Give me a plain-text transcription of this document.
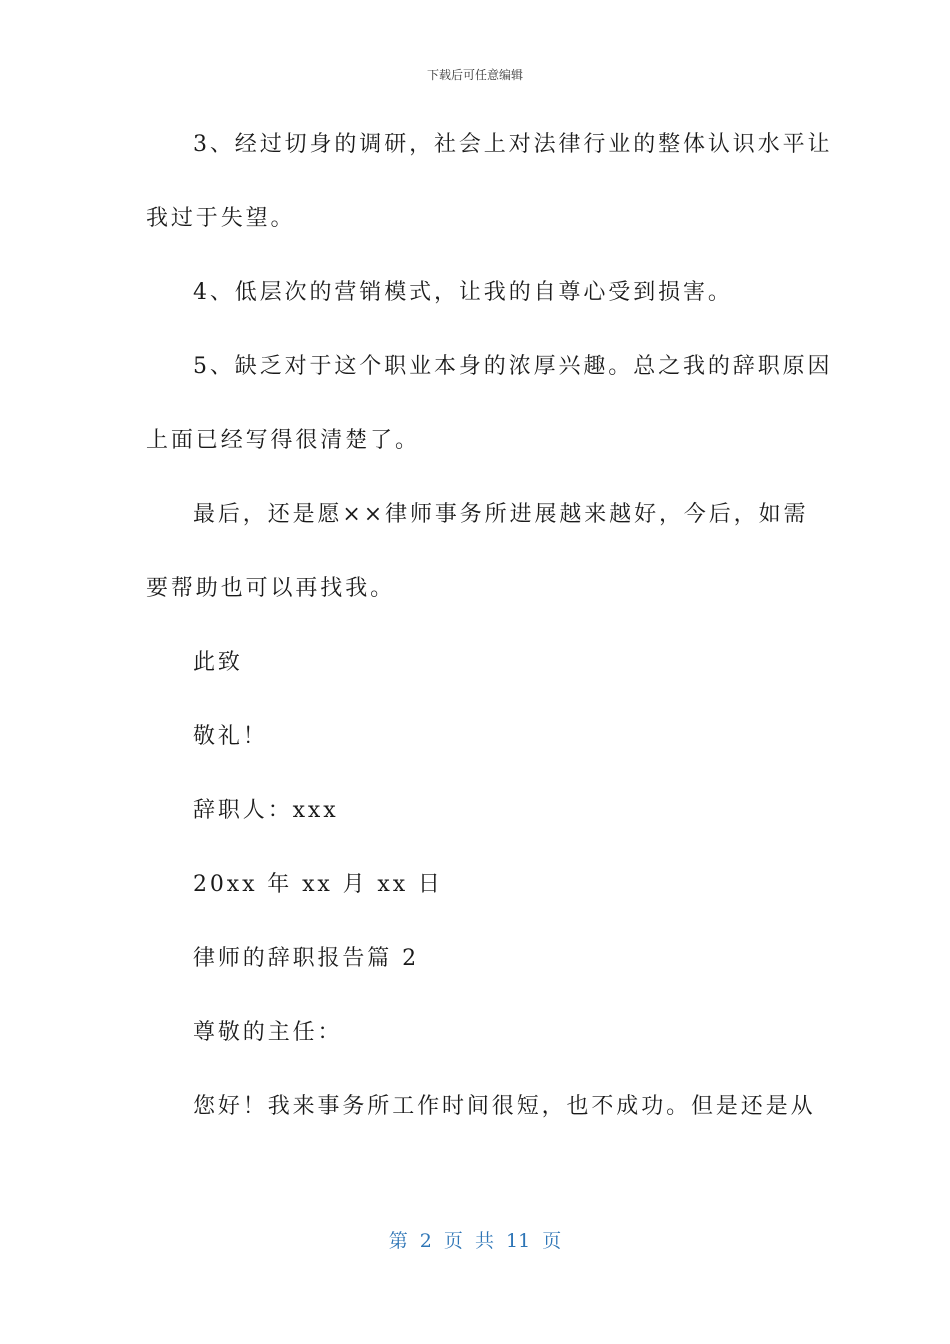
下载后可任意编辑
3、经过切身的调研，社会上对法律行业的整体认识水平让
我过于失望。
4、低层次的营销模式，让我的自尊心受到损害。
5、缺乏对于这个职业本身的浓厚兴趣。总之我的辞职原因
上面已经写得很清楚了。
最后，还是愿××律师事务所进展越来越好，今后，如需
要帮助也可以再找我。
此致
敬礼！
辞职人：xxx
20xx 年 xx 月 xx 日
律师的辞职报告篇 2
尊敬的主任：
您好！我来事务所工作时间很短，也不成功。但是还是从
第 2 页 共 11 页
